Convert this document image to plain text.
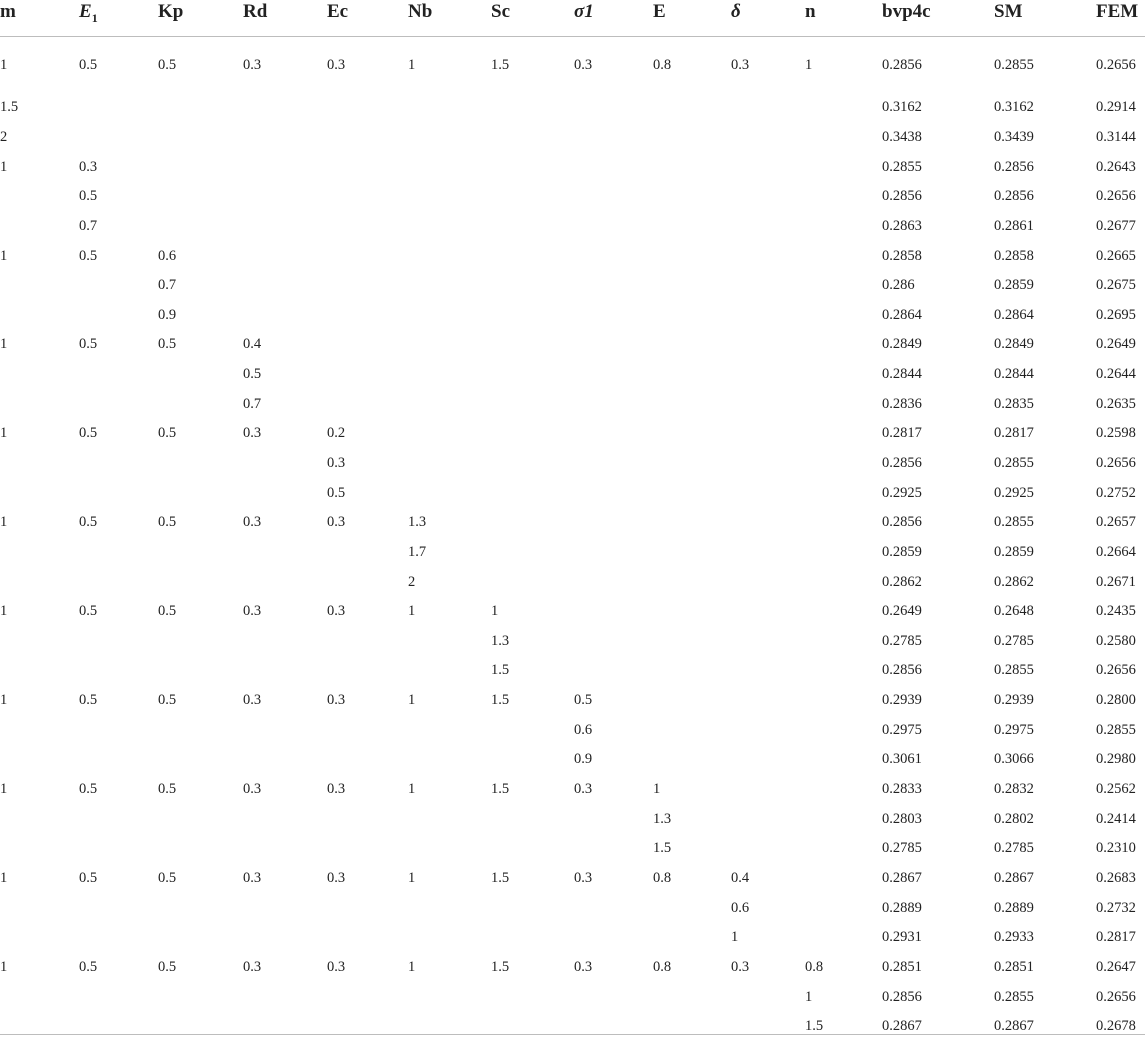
m	$E_1$	Kp	Rd	Ec	Nb	Sc	σ1	E	δ	n	bvp4c	SM	FEM
1	0.5	0.5	0.3	0.3	1	1.5	0.3	0.8	0.3	1	0.2856	0.2855	0.2656
1.5											0.3162	0.3162	0.2914
2											0.3438	0.3439	0.3144
1	0.3										0.2855	0.2856	0.2643
	0.5										0.2856	0.2856	0.2656
	0.7										0.2863	0.2861	0.2677
1	0.5	0.6									0.2858	0.2858	0.2665
		0.7									0.286	0.2859	0.2675
		0.9									0.2864	0.2864	0.2695
1	0.5	0.5	0.4								0.2849	0.2849	0.2649
			0.5								0.2844	0.2844	0.2644
			0.7								0.2836	0.2835	0.2635
1	0.5	0.5	0.3	0.2							0.2817	0.2817	0.2598
				0.3							0.2856	0.2855	0.2656
				0.5							0.2925	0.2925	0.2752
1	0.5	0.5	0.3	0.3	1.3						0.2856	0.2855	0.2657
					1.7						0.2859	0.2859	0.2664
					2						0.2862	0.2862	0.2671
1	0.5	0.5	0.3	0.3	1	1					0.2649	0.2648	0.2435
						1.3					0.2785	0.2785	0.2580
						1.5					0.2856	0.2855	0.2656
1	0.5	0.5	0.3	0.3	1	1.5	0.5				0.2939	0.2939	0.2800
							0.6				0.2975	0.2975	0.2855
							0.9				0.3061	0.3066	0.2980
1	0.5	0.5	0.3	0.3	1	1.5	0.3	1			0.2833	0.2832	0.2562
								1.3			0.2803	0.2802	0.2414
								1.5			0.2785	0.2785	0.2310
1	0.5	0.5	0.3	0.3	1	1.5	0.3	0.8	0.4		0.2867	0.2867	0.2683
									0.6		0.2889	0.2889	0.2732
									1		0.2931	0.2933	0.2817
1	0.5	0.5	0.3	0.3	1	1.5	0.3	0.8	0.3	0.8	0.2851	0.2851	0.2647
										1	0.2856	0.2855	0.2656
										1.5	0.2867	0.2867	0.2678
